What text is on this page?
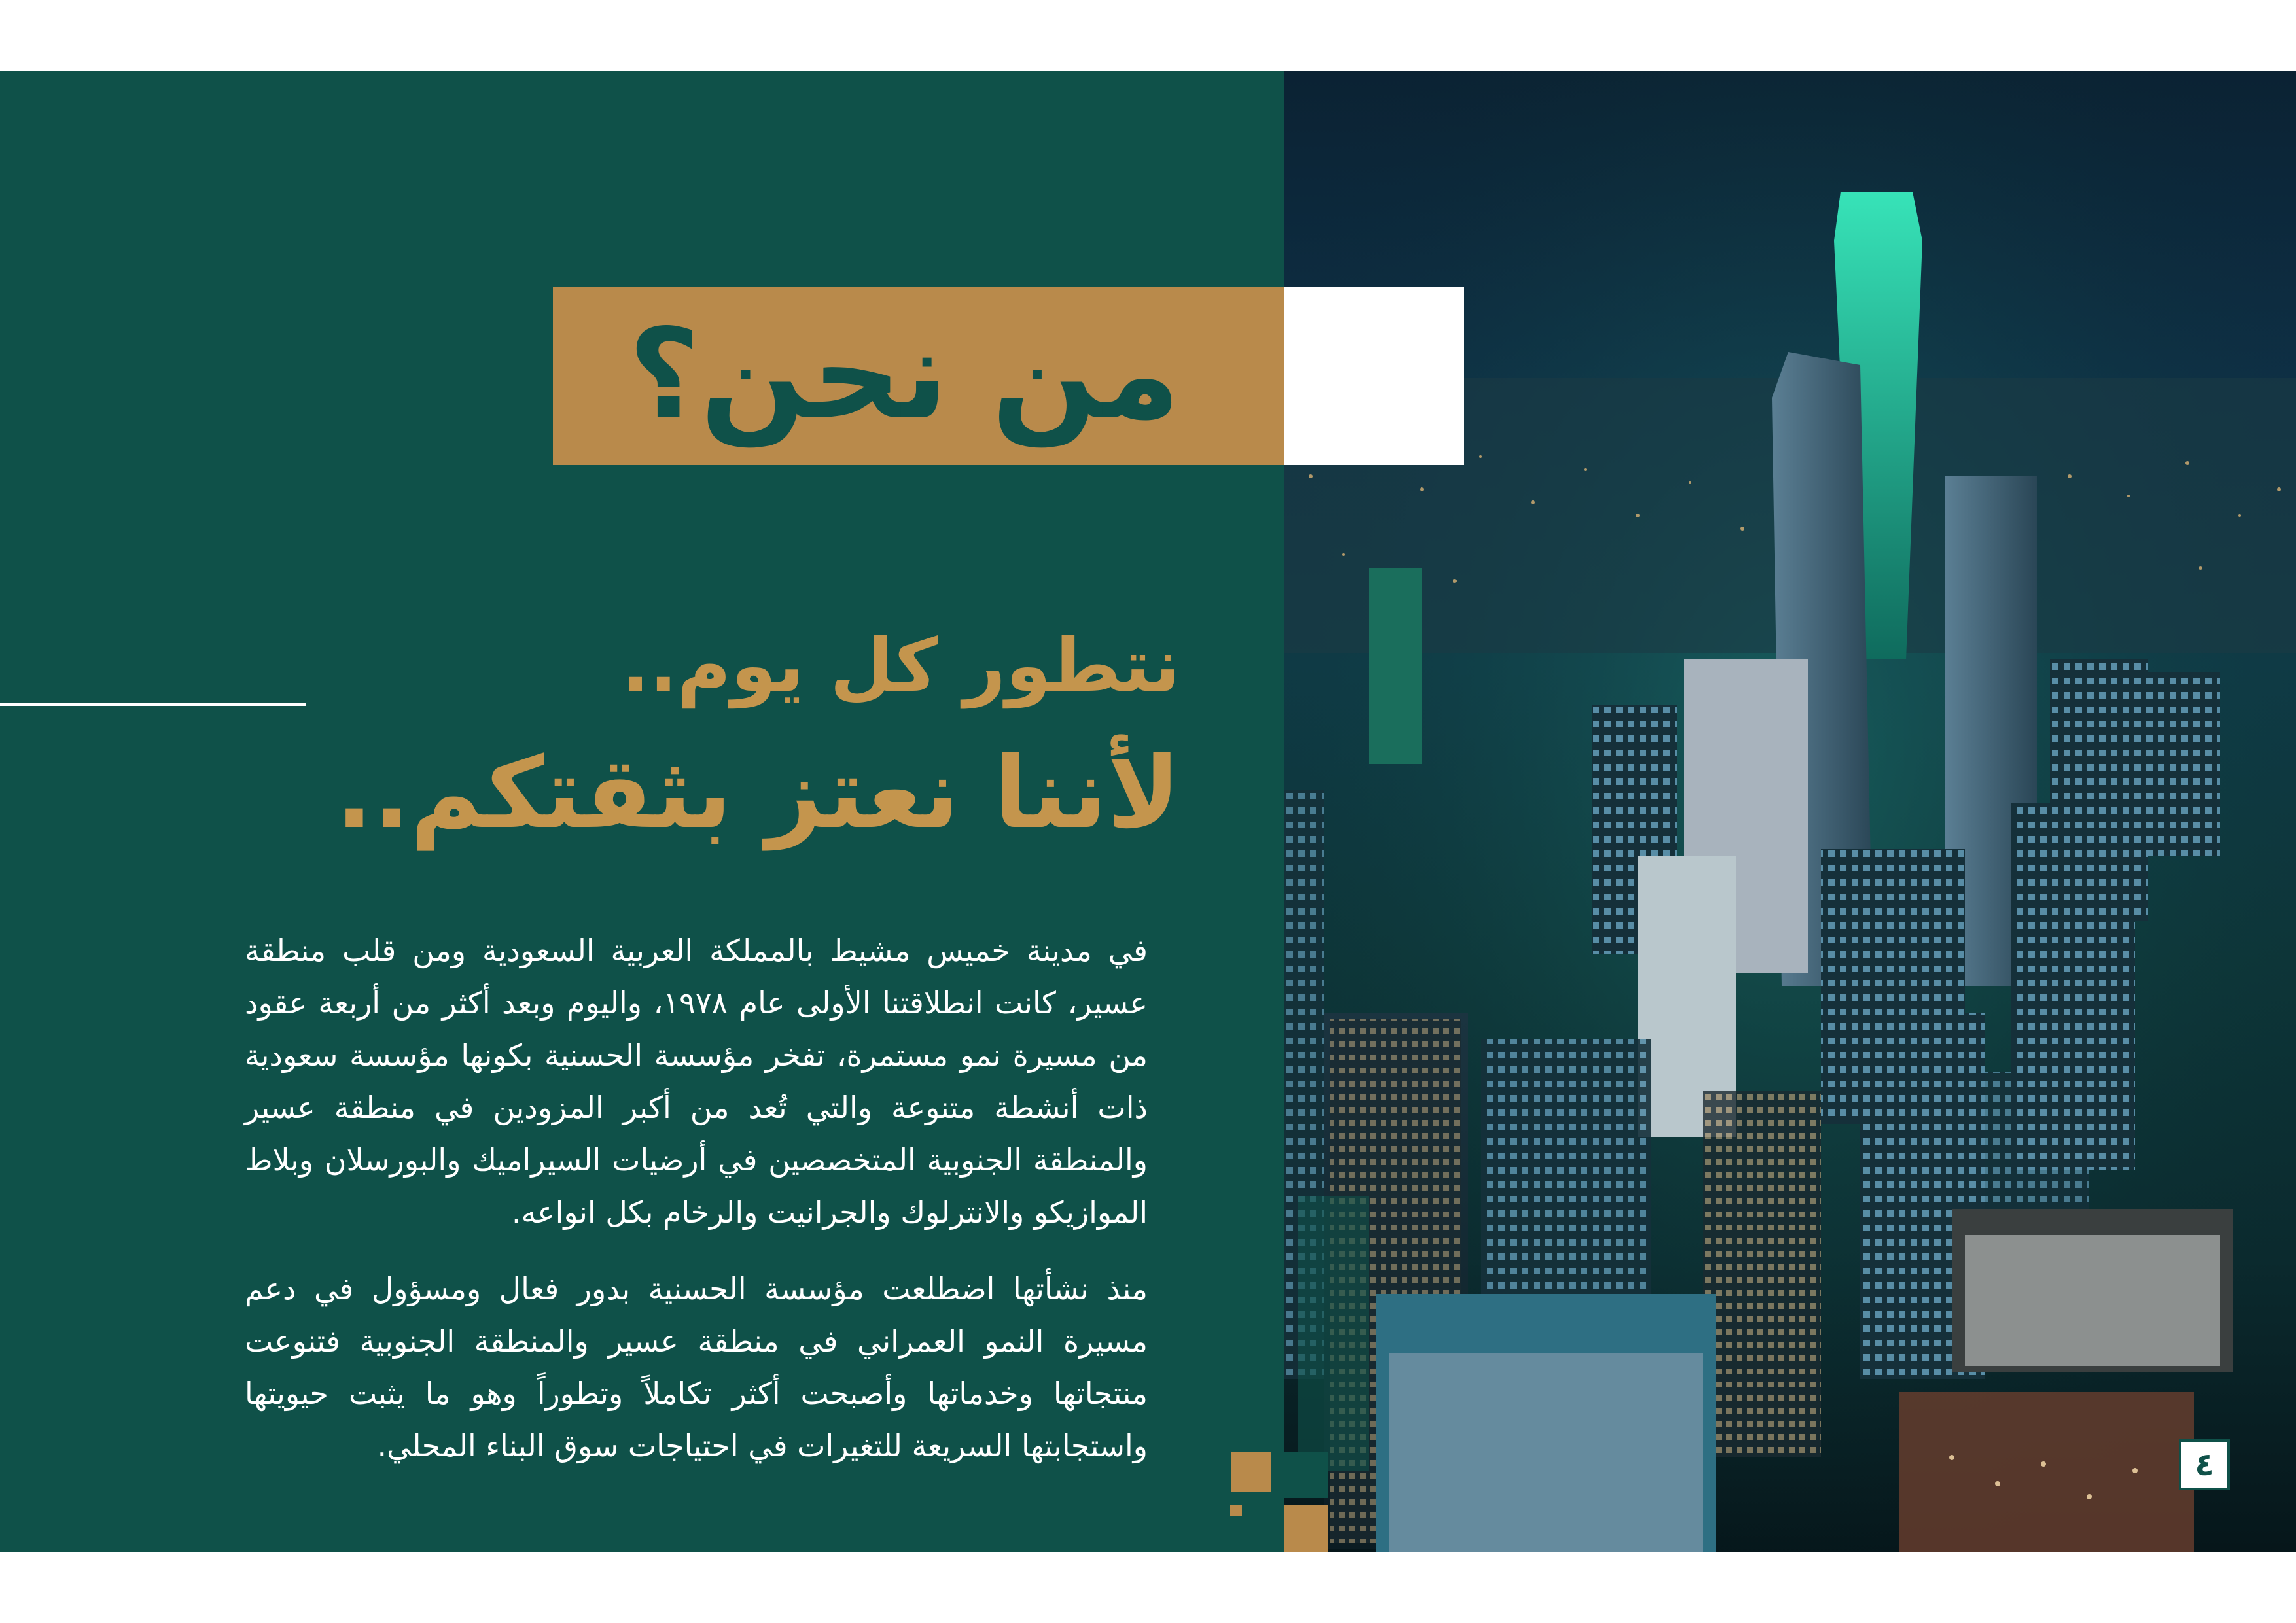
من نحن؟
نتطور كل يوم..
لأننا نعتز بثقتكم..

في مدينة خميس مشيط بالمملكة العربية السعودية ومن قلب منطقة عسير، كانت انطلاقتنا الأولى عام ١٩٧٨، واليوم وبعد أكثر من أربعة عقود من مسيرة نمو مستمرة، تفخر مؤسسة الحسنية بكونها مؤسسة سعودية ذات أنشطة متنوعة والتي تُعد من أكبر المزودين في منطقة عسير والمنطقة الجنوبية المتخصصين في أرضيات السيراميك والبورسلان وبلاط الموازيكو والانترلوك والجرانيت والرخام بكل انواعه.

منذ نشأتها اضطلعت مؤسسة الحسنية بدور فعال ومسؤول في دعم مسيرة النمو العمراني في منطقة عسير والمنطقة الجنوبية فتنوعت منتجاتها وخدماتها وأصبحت أكثر تكاملاً وتطوراً وهو ما يثبت حيويتها واستجابتها السريعة للتغيرات في احتياجات سوق البناء المحلي.

٤
